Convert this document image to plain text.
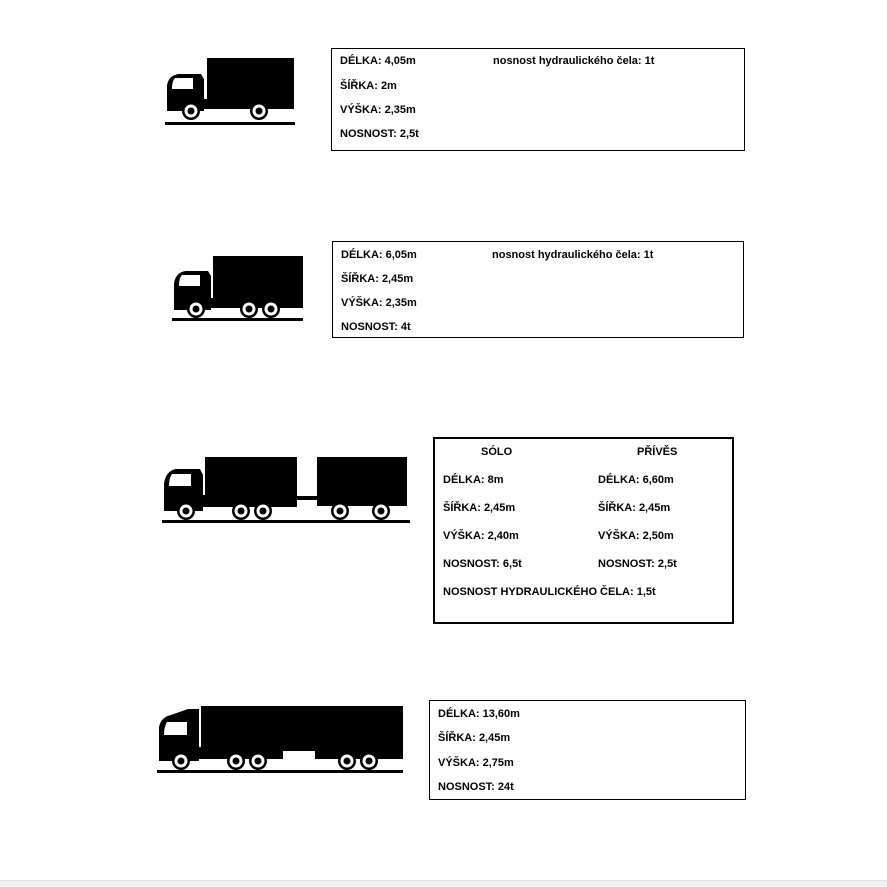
DÉLKA: 4,05m	nosnost hydraulického čela: 1t
ŠÍŘKA: 2m
VÝŠKA: 2,35m
NOSNOST: 2,5t
DÉLKA: 6,05m	nosnost hydraulického čela: 1t
ŠÍŘKA: 2,45m
VÝŠKA: 2,35m
NOSNOST: 4t
SÓLO	PŘÍVĚS
DÉLKA: 8m	DÉLKA: 6,60m
ŠÍŘKA: 2,45m	ŠÍŘKA: 2,45m
VÝŠKA: 2,40m	VÝŠKA: 2,50m
NOSNOST: 6,5t	NOSNOST: 2,5t
NOSNOST HYDRAULICKÉHO ČELA: 1,5t
DÉLKA: 13,60m
ŠÍŘKA: 2,45m
VÝŠKA: 2,75m
NOSNOST: 24t
